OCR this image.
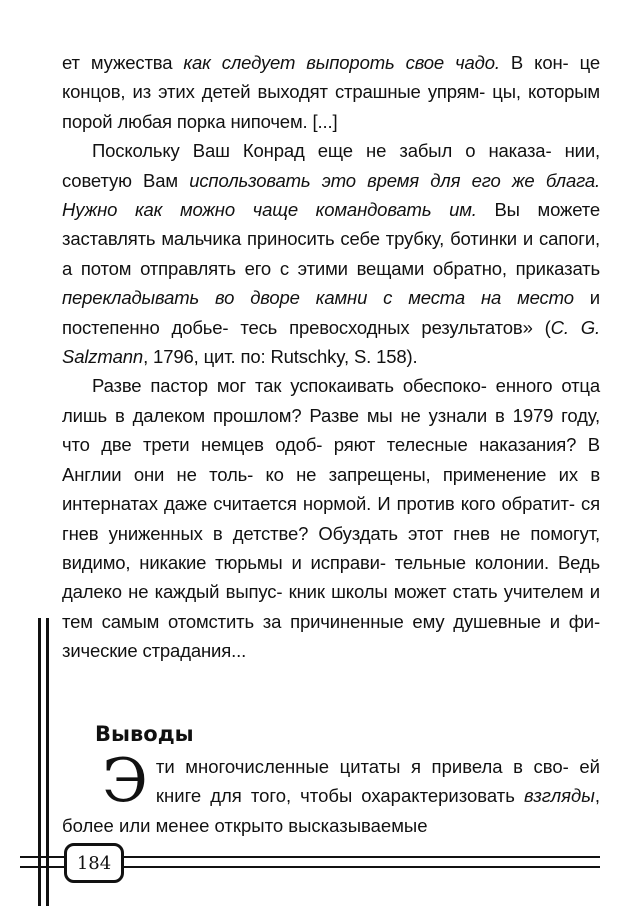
ет мужества как следует выпороть свое чадо. В кон- це концов, из этих детей выходят страшные упрям- цы, которым порой любая порка нипочем. [...]

Поскольку Ваш Конрад еще не забыл о наказа- нии, советую Вам использовать это время для его же блага. Нужно как можно чаще командовать им. Вы можете заставлять мальчика приносить себе трубку, ботинки и сапоги, а потом отправлять его с этими вещами обратно, приказать перекладывать во дворе камни с места на место и постепенно добье- тесь превосходных результатов» (C. G. Salzmann, 1796, цит. по: Rutschky, S. 158).

Разве пастор мог так успокаивать обеспоко- енного отца лишь в далеком прошлом? Разве мы не узнали в 1979 году, что две трети немцев одоб- ряют телесные наказания? В Англии они не толь- ко не запрещены, применение их в интернатах даже считается нормой. И против кого обратит- ся гнев униженных в детстве? Обуздать этот гнев не помогут, видимо, никакие тюрьмы и исправи- тельные колонии. Ведь далеко не каждый выпус- кник школы может стать учителем и тем самым отомстить за причиненные ему душевные и фи- зические страдания...

Выводы

Эти многочисленные цитаты я привела в сво- ей книге для того, чтобы охарактеризовать взгляды, более или менее открыто высказываемые

184
